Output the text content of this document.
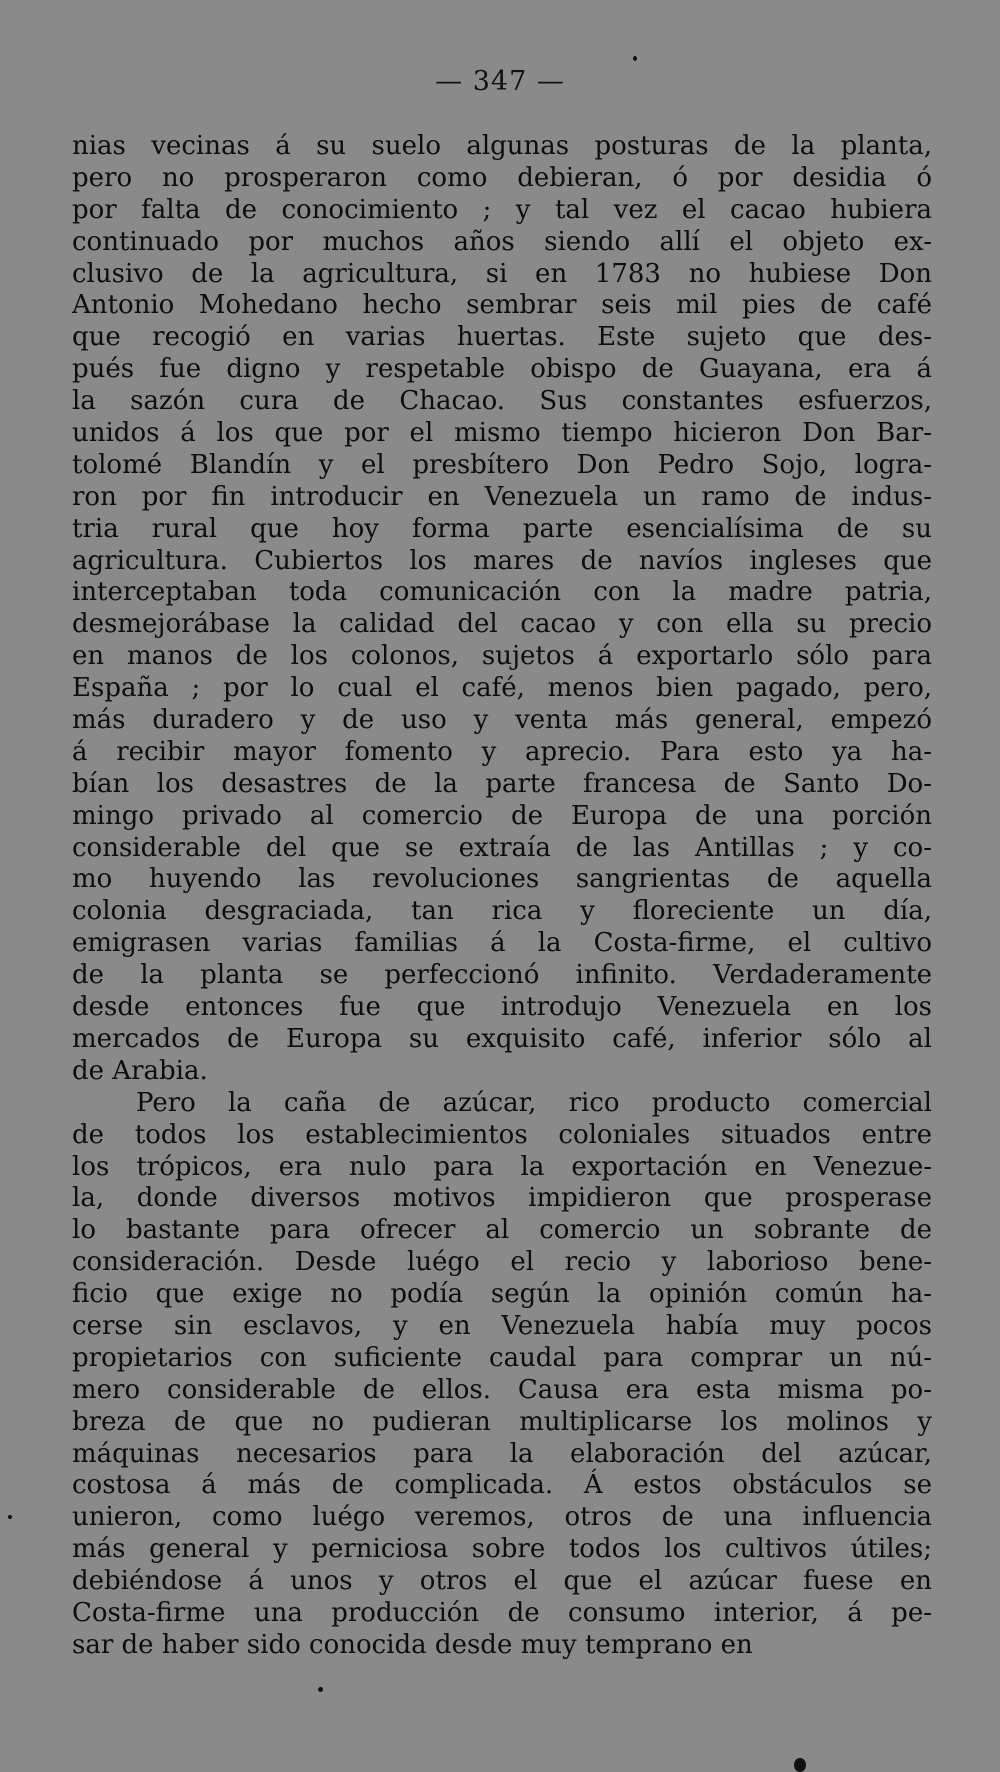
— 347 —
nias vecinas á su suelo algunas posturas de la planta,
pero no prosperaron como debieran, ó por desidia ó
por falta de conocimiento ; y tal vez el cacao hubiera
continuado por muchos años siendo allí el objeto ex-
clusivo de la agricultura, si en 1783 no hubiese Don
Antonio Mohedano hecho sembrar seis mil pies de café
que recogió en varias huertas. Este sujeto que des-
pués fue digno y respetable obispo de Guayana, era á
la sazón cura de Chacao. Sus constantes esfuerzos,
unidos á los que por el mismo tiempo hicieron Don Bar-
tolomé Blandín y el presbítero Don Pedro Sojo, logra-
ron por fin introducir en Venezuela un ramo de indus-
tria rural que hoy forma parte esencialísima de su
agricultura. Cubiertos los mares de navíos ingleses que
interceptaban toda comunicación con la madre patria,
desmejorábase la calidad del cacao y con ella su precio
en manos de los colonos, sujetos á exportarlo sólo para
España ; por lo cual el café, menos bien pagado, pero,
más duradero y de uso y venta más general, empezó
á recibir mayor fomento y aprecio. Para esto ya ha-
bían los desastres de la parte francesa de Santo Do-
mingo privado al comercio de Europa de una porción
considerable del que se extraía de las Antillas ; y co-
mo huyendo las revoluciones sangrientas de aquella
colonia desgraciada, tan rica y floreciente un día,
emigrasen varias familias á la Costa-firme, el cultivo
de la planta se perfeccionó infinito. Verdaderamente
desde entonces fue que introdujo Venezuela en los
mercados de Europa su exquisito café, inferior sólo al
de Arabia.
Pero la caña de azúcar, rico producto comercial
de todos los establecimientos coloniales situados entre
los trópicos, era nulo para la exportación en Venezue-
la, donde diversos motivos impidieron que prosperase
lo bastante para ofrecer al comercio un sobrante de
consideración. Desde luégo el recio y laborioso bene-
ficio que exige no podía según la opinión común ha-
cerse sin esclavos, y en Venezuela había muy pocos
propietarios con suficiente caudal para comprar un nú-
mero considerable de ellos. Causa era esta misma po-
breza de que no pudieran multiplicarse los molinos y
máquinas necesarios para la elaboración del azúcar,
costosa á más de complicada. Á estos obstáculos se
unieron, como luégo veremos, otros de una influencia
más general y perniciosa sobre todos los cultivos útiles;
debiéndose á unos y otros el que el azúcar fuese en
Costa-firme una producción de consumo interior, á pe-
sar de haber sido conocida desde muy temprano en
